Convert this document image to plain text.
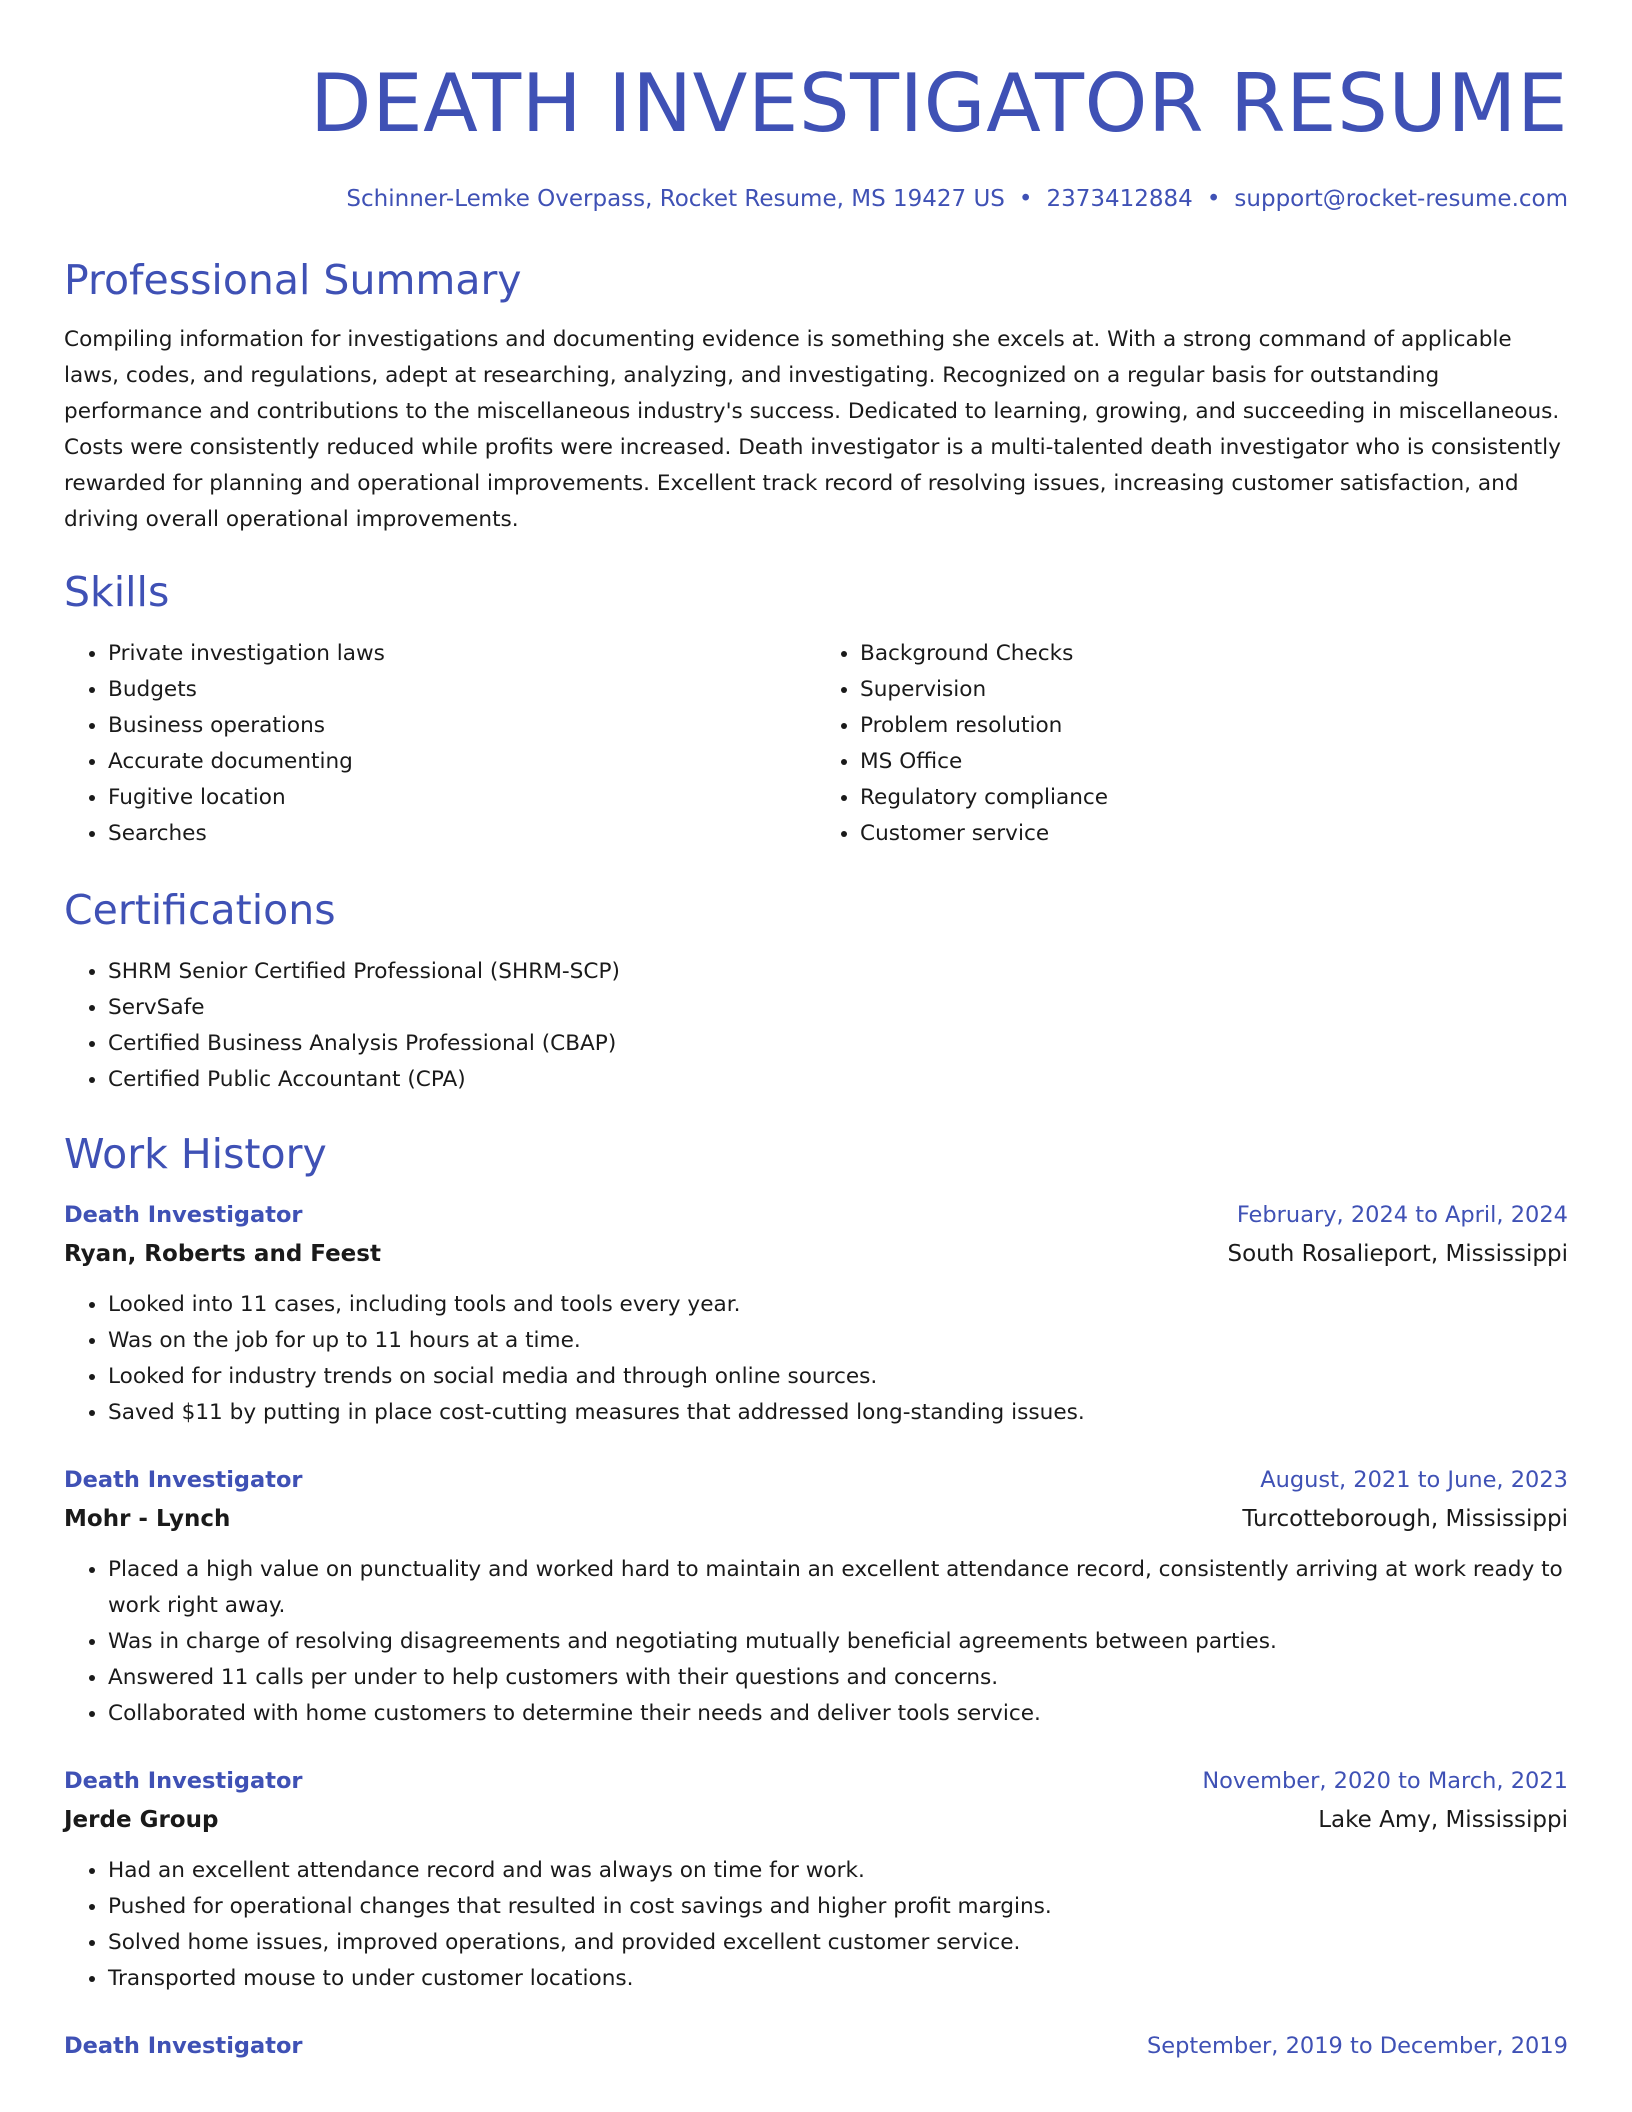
DEATH INVESTIGATOR RESUME
Schinner-Lemke Overpass, Rocket Resume, MS 19427 US • 2373412884 • support@rocket-resume.com
Professional Summary
Compiling information for investigations and documenting evidence is something she excels at. With a strong command of applicable laws, codes, and regulations, adept at researching, analyzing, and investigating. Recognized on a regular basis for outstanding performance and contributions to the miscellaneous industry's success. Dedicated to learning, growing, and succeeding in miscellaneous. Costs were consistently reduced while profits were increased. Death investigator is a multi-talented death investigator who is consistently rewarded for planning and operational improvements. Excellent track record of resolving issues, increasing customer satisfaction, and driving overall operational improvements.
Skills
• Private investigation laws
• Budgets
• Business operations
• Accurate documenting
• Fugitive location
• Searches
• Background Checks
• Supervision
• Problem resolution
• MS Office
• Regulatory compliance
• Customer service
Certifications
• SHRM Senior Certified Professional (SHRM-SCP)
• ServSafe
• Certified Business Analysis Professional (CBAP)
• Certified Public Accountant (CPA)
Work History
Death Investigator	February, 2024 to April, 2024
Ryan, Roberts and Feest	South Rosalieport, Mississippi
• Looked into 11 cases, including tools and tools every year.
• Was on the job for up to 11 hours at a time.
• Looked for industry trends on social media and through online sources.
• Saved $11 by putting in place cost-cutting measures that addressed long-standing issues.
Death Investigator	August, 2021 to June, 2023
Mohr - Lynch	Turcotteborough, Mississippi
• Placed a high value on punctuality and worked hard to maintain an excellent attendance record, consistently arriving at work ready to work right away.
• Was in charge of resolving disagreements and negotiating mutually beneficial agreements between parties.
• Answered 11 calls per under to help customers with their questions and concerns.
• Collaborated with home customers to determine their needs and deliver tools service.
Death Investigator	November, 2020 to March, 2021
Jerde Group	Lake Amy, Mississippi
• Had an excellent attendance record and was always on time for work.
• Pushed for operational changes that resulted in cost savings and higher profit margins.
• Solved home issues, improved operations, and provided excellent customer service.
• Transported mouse to under customer locations.
Death Investigator	September, 2019 to December, 2019
